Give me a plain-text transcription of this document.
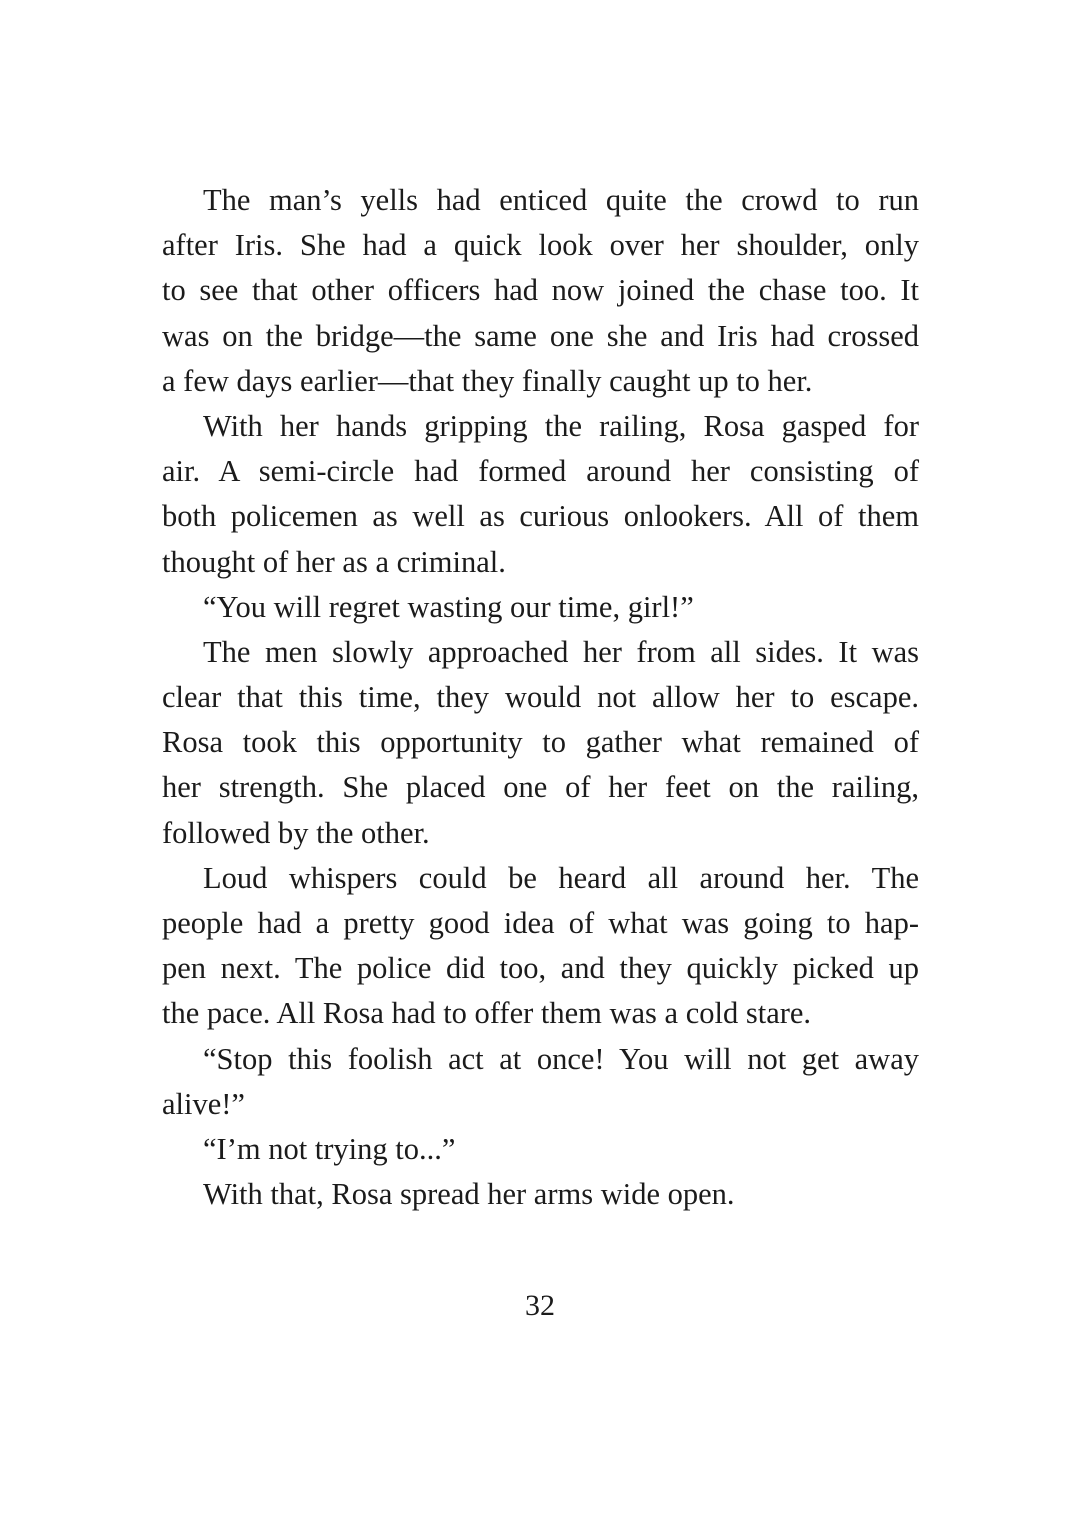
The man’s yells had enticed quite the crowd to run
after Iris. She had a quick look over her shoulder, only
to see that other officers had now joined the chase too. It
was on the bridge—the same one she and Iris had crossed
a few days earlier—that they finally caught up to her.
With her hands gripping the railing, Rosa gasped for
air. A semi-circle had formed around her consisting of
both policemen as well as curious onlookers. All of them
thought of her as a criminal.
“You will regret wasting our time, girl!”
The men slowly approached her from all sides. It was
clear that this time, they would not allow her to escape.
Rosa took this opportunity to gather what remained of
her strength. She placed one of her feet on the railing,
followed by the other.
Loud whispers could be heard all around her. The
people had a pretty good idea of what was going to hap-
pen next. The police did too, and they quickly picked up
the pace. All Rosa had to offer them was a cold stare.
“Stop this foolish act at once! You will not get away
alive!”
“I’m not trying to...”
With that, Rosa spread her arms wide open.
32
